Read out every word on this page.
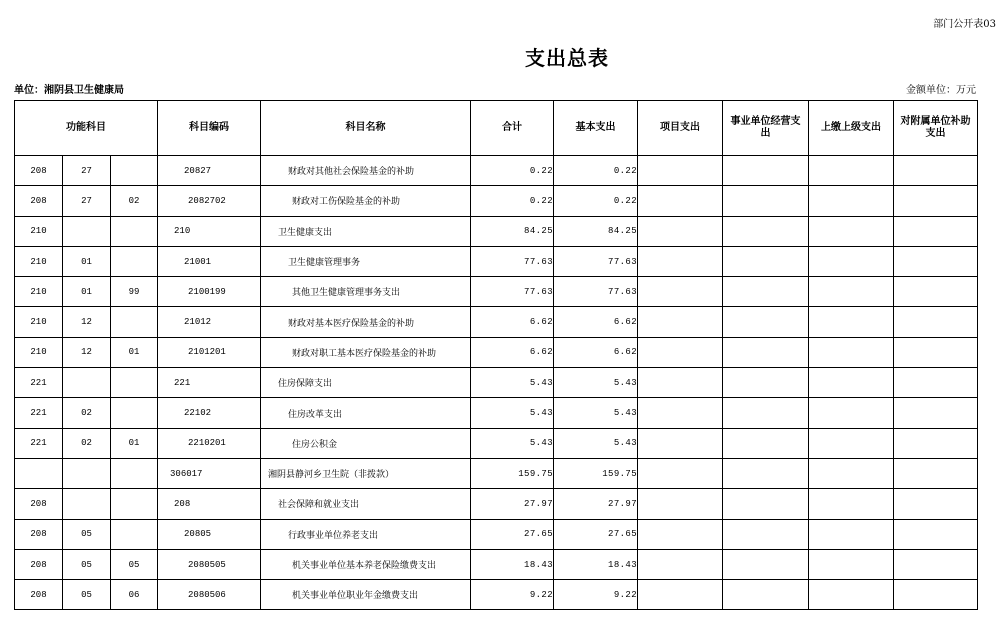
部门公开表03
支出总表
单位：湘阴县卫生健康局	金额单位：万元
功能科目			科目编码	科目名称	合计	基本支出	项目支出	事业单位经营支出	上缴上级支出	对附属单位补助支出
208	27		20827	财政对其他社会保险基金的补助	0.22	0.22				
208	27	02	2082702	财政对工伤保险基金的补助	0.22	0.22				
210			210	卫生健康支出	84.25	84.25				
210	01		21001	卫生健康管理事务	77.63	77.63				
210	01	99	2100199	其他卫生健康管理事务支出	77.63	77.63				
210	12		21012	财政对基本医疗保险基金的补助	6.62	6.62				
210	12	01	2101201	财政对职工基本医疗保险基金的补助	6.62	6.62				
221			221	住房保障支出	5.43	5.43				
221	02		22102	住房改革支出	5.43	5.43				
221	02	01	2210201	住房公积金	5.43	5.43				
			306017	湘阴县静河乡卫生院（非拨款）	159.75	159.75				
208			208	社会保障和就业支出	27.97	27.97				
208	05		20805	行政事业单位养老支出	27.65	27.65				
208	05	05	2080505	机关事业单位基本养老保险缴费支出	18.43	18.43				
208	05	06	2080506	机关事业单位职业年金缴费支出	9.22	9.22				
